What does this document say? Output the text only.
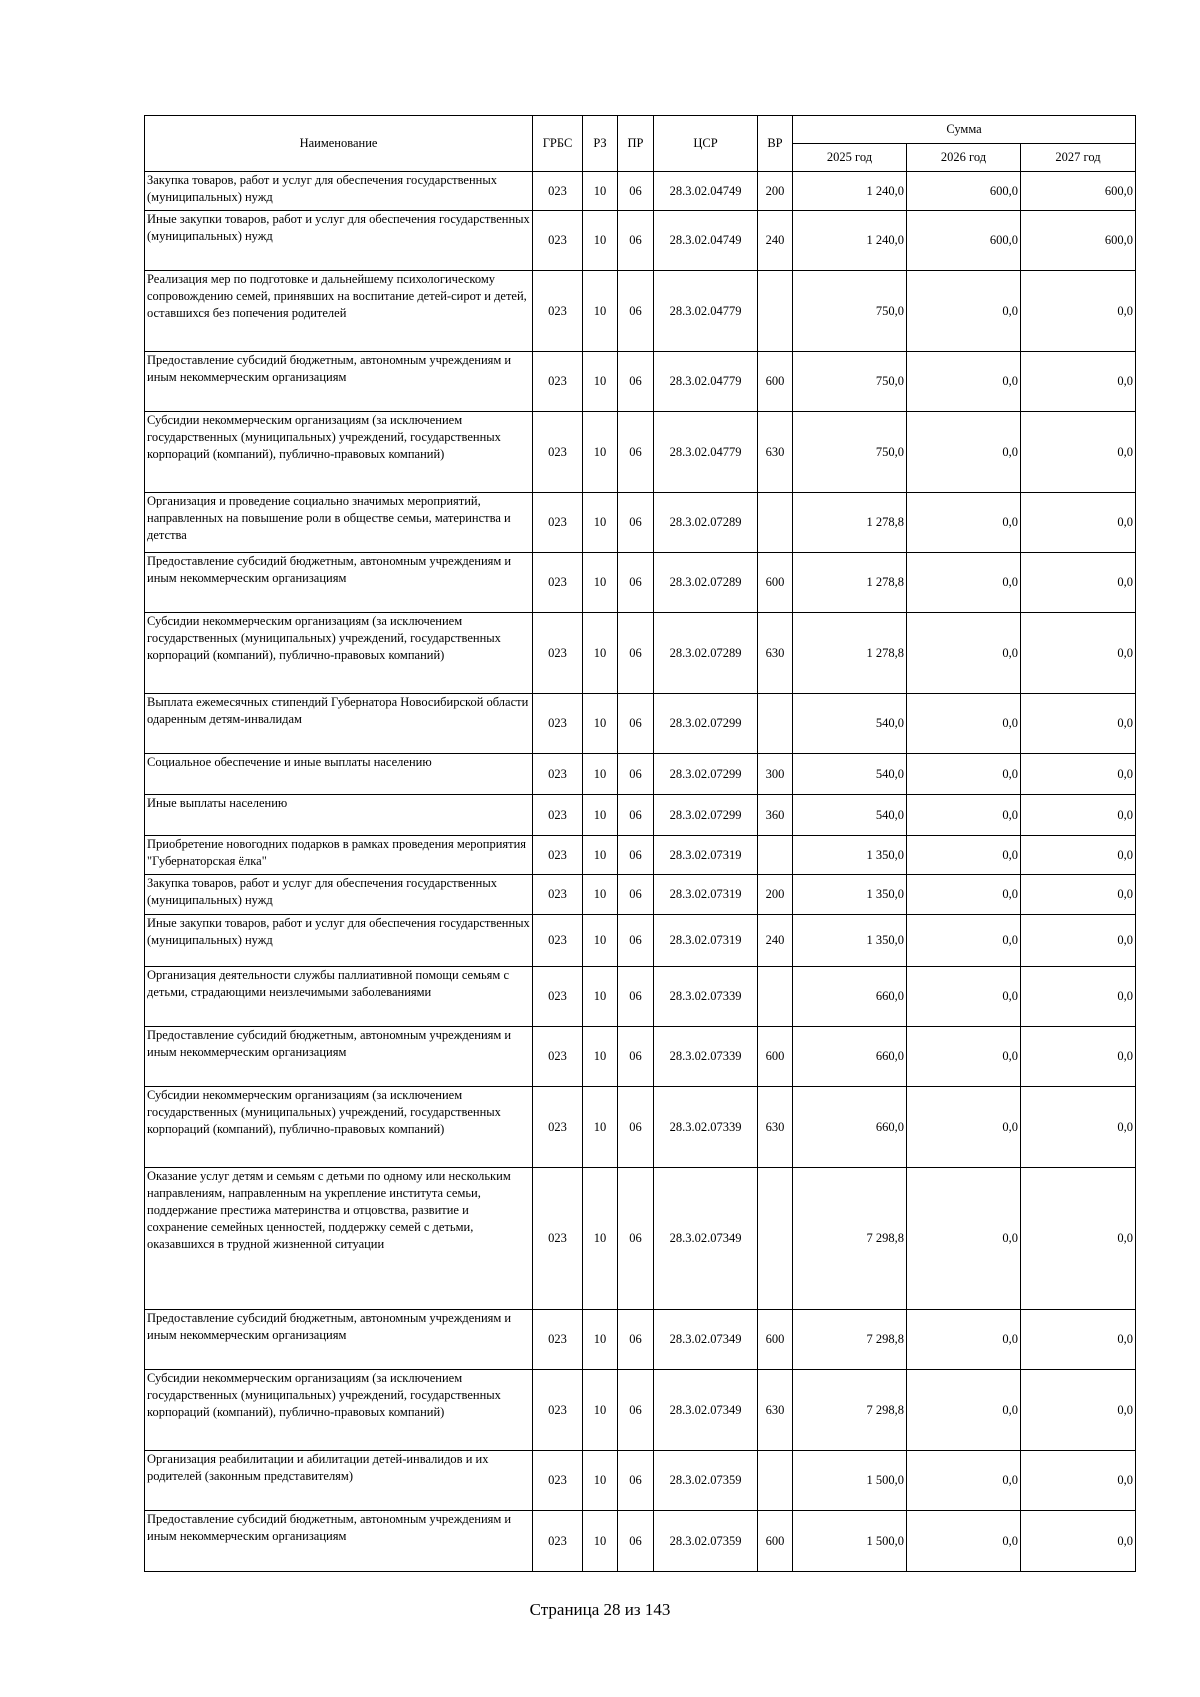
Наименование	ГРБС	РЗ	ПР	ЦСР	ВР	Сумма		
						2025 год	2026 год	2027 год
Закупка товаров, работ и услуг для обеспечения государственных (муниципальных) нужд	023	10	06	28.3.02.04749	200	1 240,0	600,0	600,0
Иные закупки товаров, работ и услуг для обеспечения государственных (муниципальных) нужд	023	10	06	28.3.02.04749	240	1 240,0	600,0	600,0
Реализация мер по подготовке и дальнейшему психологическому сопровождению семей, принявших на воспитание детей-сирот и детей, оставшихся без попечения родителей	023	10	06	28.3.02.04779		750,0	0,0	0,0
Предоставление субсидий бюджетным, автономным учреждениям и иным некоммерческим организациям	023	10	06	28.3.02.04779	600	750,0	0,0	0,0
Субсидии некоммерческим организациям (за исключением государственных (муниципальных) учреждений, государственных корпораций (компаний), публично-правовых компаний)	023	10	06	28.3.02.04779	630	750,0	0,0	0,0
Организация и проведение социально значимых мероприятий, направленных на повышение роли в обществе семьи, материнства и детства	023	10	06	28.3.02.07289		1 278,8	0,0	0,0
Предоставление субсидий бюджетным, автономным учреждениям и иным некоммерческим организациям	023	10	06	28.3.02.07289	600	1 278,8	0,0	0,0
Субсидии некоммерческим организациям (за исключением государственных (муниципальных) учреждений, государственных корпораций (компаний), публично-правовых компаний)	023	10	06	28.3.02.07289	630	1 278,8	0,0	0,0
Выплата ежемесячных стипендий Губернатора Новосибирской области одаренным детям-инвалидам	023	10	06	28.3.02.07299		540,0	0,0	0,0
Социальное обеспечение и иные выплаты населению	023	10	06	28.3.02.07299	300	540,0	0,0	0,0
Иные выплаты населению	023	10	06	28.3.02.07299	360	540,0	0,0	0,0
Приобретение новогодних подарков в рамках проведения мероприятия "Губернаторская ёлка"	023	10	06	28.3.02.07319		1 350,0	0,0	0,0
Закупка товаров, работ и услуг для обеспечения государственных (муниципальных) нужд	023	10	06	28.3.02.07319	200	1 350,0	0,0	0,0
Иные закупки товаров, работ и услуг для обеспечения государственных (муниципальных) нужд	023	10	06	28.3.02.07319	240	1 350,0	0,0	0,0
Организация деятельности службы паллиативной помощи семьям с детьми, страдающими неизлечимыми заболеваниями	023	10	06	28.3.02.07339		660,0	0,0	0,0
Предоставление субсидий бюджетным, автономным учреждениям и иным некоммерческим организациям	023	10	06	28.3.02.07339	600	660,0	0,0	0,0
Субсидии некоммерческим организациям (за исключением государственных (муниципальных) учреждений, государственных корпораций (компаний), публично-правовых компаний)	023	10	06	28.3.02.07339	630	660,0	0,0	0,0
Оказание услуг детям и семьям с детьми по одному или нескольким направлениям, направленным на укрепление института семьи, поддержание престижа материнства и отцовства, развитие и сохранение семейных ценностей, поддержку семей с детьми, оказавшихся в трудной жизненной ситуации	023	10	06	28.3.02.07349		7 298,8	0,0	0,0
Предоставление субсидий бюджетным, автономным учреждениям и иным некоммерческим организациям	023	10	06	28.3.02.07349	600	7 298,8	0,0	0,0
Субсидии некоммерческим организациям (за исключением государственных (муниципальных) учреждений, государственных корпораций (компаний), публично-правовых компаний)	023	10	06	28.3.02.07349	630	7 298,8	0,0	0,0
Организация реабилитации и абилитации детей-инвалидов и их родителей (законным представителям)	023	10	06	28.3.02.07359		1 500,0	0,0	0,0
Предоставление субсидий бюджетным, автономным учреждениям и иным некоммерческим организациям	023	10	06	28.3.02.07359	600	1 500,0	0,0	0,0
Страница 28 из 143
